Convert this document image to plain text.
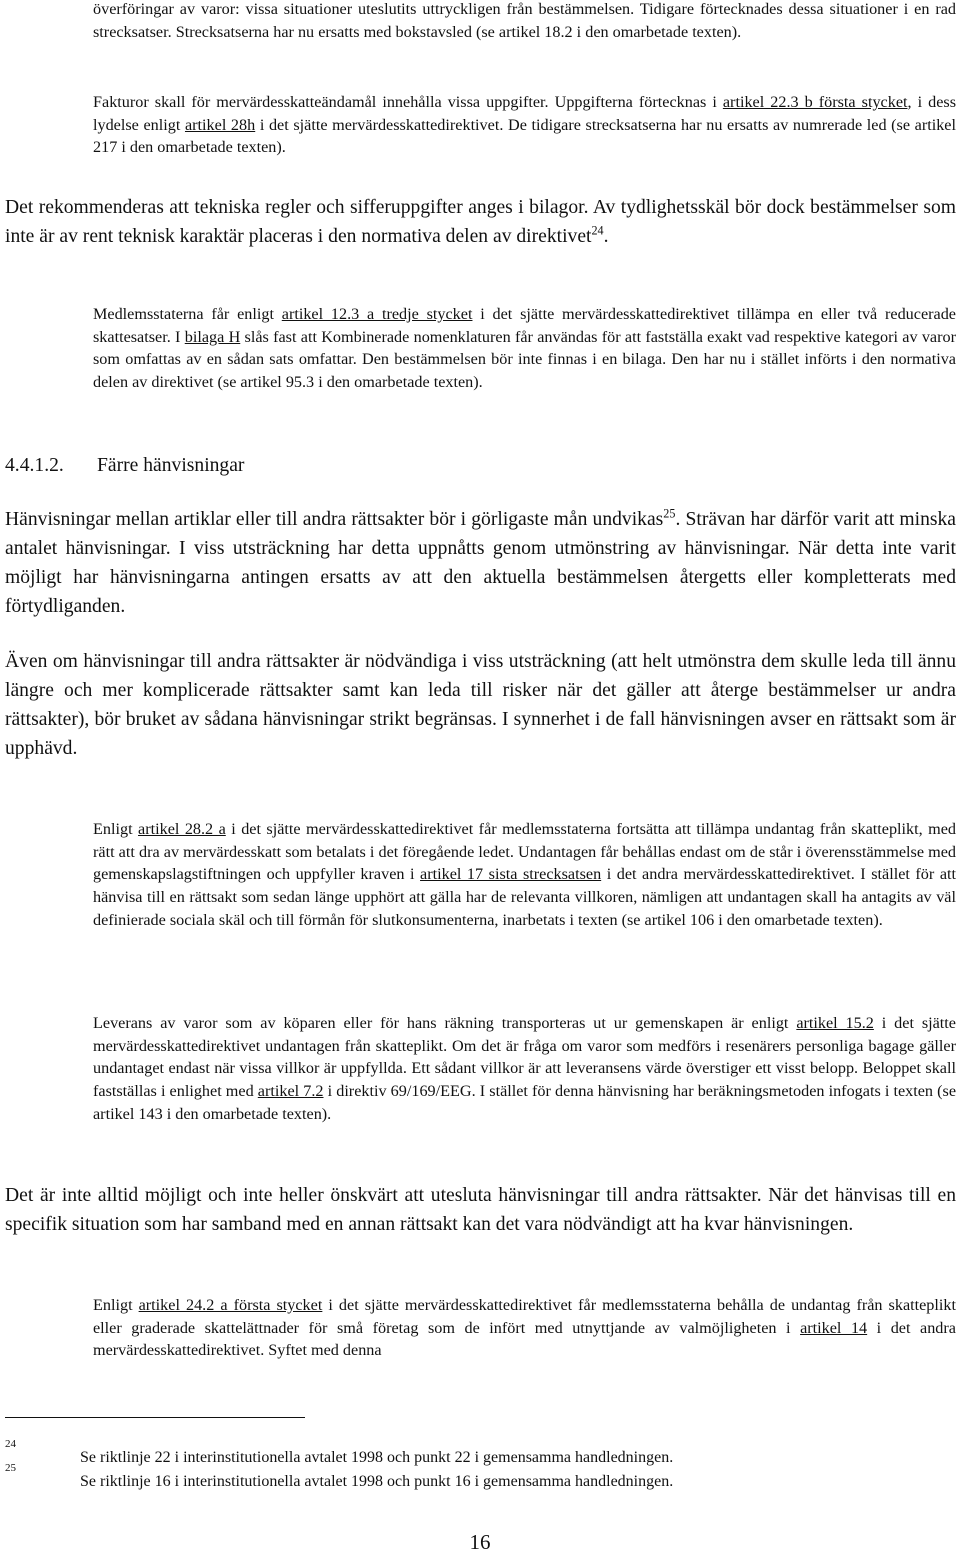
överföringar av varor: vissa situationer uteslutits uttryckligen från bestämmelsen. Tidigare förtecknades dessa situationer i en rad strecksatser. Strecksatserna har nu ersatts med bokstavsled (se artikel 18.2 i den omarbetade texten).
Fakturor skall för mervärdesskatteändamål innehålla vissa uppgifter. Uppgifterna förtecknas i artikel 22.3 b första stycket, i dess lydelse enligt artikel 28h i det sjätte mervärdesskattedirektivet. De tidigare strecksatserna har nu ersatts av numrerade led (se artikel 217 i den omarbetade texten).
Det rekommenderas att tekniska regler och sifferuppgifter anges i bilagor. Av tydlighetsskäl bör dock bestämmelser som inte är av rent teknisk karaktär placeras i den normativa delen av direktivet$^{24}$.
Medlemsstaterna får enligt artikel 12.3 a tredje stycket i det sjätte mervärdesskattedirektivet tillämpa en eller två reducerade skattesatser. I bilaga H slås fast att Kombinerade nomenklaturen får användas för att fastställa exakt vad respektive kategori av varor som omfattas av en sådan sats omfattar. Den bestämmelsen bör inte finnas i en bilaga. Den har nu i stället införts i den normativa delen av direktivet (se artikel 95.3 i den omarbetade texten).
4.4.1.2. Färre hänvisningar
Hänvisningar mellan artiklar eller till andra rättsakter bör i görligaste mån undvikas$^{25}$. Strävan har därför varit att minska antalet hänvisningar. I viss utsträckning har detta uppnåtts genom utmönstring av hänvisningar. När detta inte varit möjligt har hänvisningarna antingen ersatts av att den aktuella bestämmelsen återgetts eller kompletterats med förtydliganden.
Även om hänvisningar till andra rättsakter är nödvändiga i viss utsträckning (att helt utmönstra dem skulle leda till ännu längre och mer komplicerade rättsakter samt kan leda till risker när det gäller att återge bestämmelser ur andra rättsakter), bör bruket av sådana hänvisningar strikt begränsas. I synnerhet i de fall hänvisningen avser en rättsakt som är upphävd.
Enligt artikel 28.2 a i det sjätte mervärdesskattedirektivet får medlemsstaterna fortsätta att tillämpa undantag från skatteplikt, med rätt att dra av mervärdesskatt som betalats i det föregående ledet. Undantagen får behållas endast om de står i överensstämmelse med gemenskapslagstiftningen och uppfyller kraven i artikel 17 sista strecksatsen i det andra mervärdesskattedirektivet. I stället för att hänvisa till en rättsakt som sedan länge upphört att gälla har de relevanta villkoren, nämligen att undantagen skall ha antagits av väl definierade sociala skäl och till förmån för slutkonsumenterna, inarbetats i texten (se artikel 106 i den omarbetade texten).
Leverans av varor som av köparen eller för hans räkning transporteras ut ur gemenskapen är enligt artikel 15.2 i det sjätte mervärdesskattedirektivet undantagen från skatteplikt. Om det är fråga om varor som medförs i resenärers personliga bagage gäller undantaget endast när vissa villkor är uppfyllda. Ett sådant villkor är att leveransens värde överstiger ett visst belopp. Beloppet skall fastställas i enlighet med artikel 7.2 i direktiv 69/169/EEG. I stället för denna hänvisning har beräkningsmetoden infogats i texten (se artikel 143 i den omarbetade texten).
Det är inte alltid möjligt och inte heller önskvärt att utesluta hänvisningar till andra rättsakter. När det hänvisas till en specifik situation som har samband med en annan rättsakt kan det vara nödvändigt att ha kvar hänvisningen.
Enligt artikel 24.2 a första stycket i det sjätte mervärdesskattedirektivet får medlemsstaterna behålla de undantag från skatteplikt eller graderade skattelättnader för små företag som de infört med utnyttjande av valmöjligheten i artikel 14 i det andra mervärdesskattedirektivet. Syftet med denna
24
Se riktlinje 22 i interinstitutionella avtalet 1998 och punkt 22 i gemensamma handledningen.
25
Se riktlinje 16 i interinstitutionella avtalet 1998 och punkt 16 i gemensamma handledningen.
16
